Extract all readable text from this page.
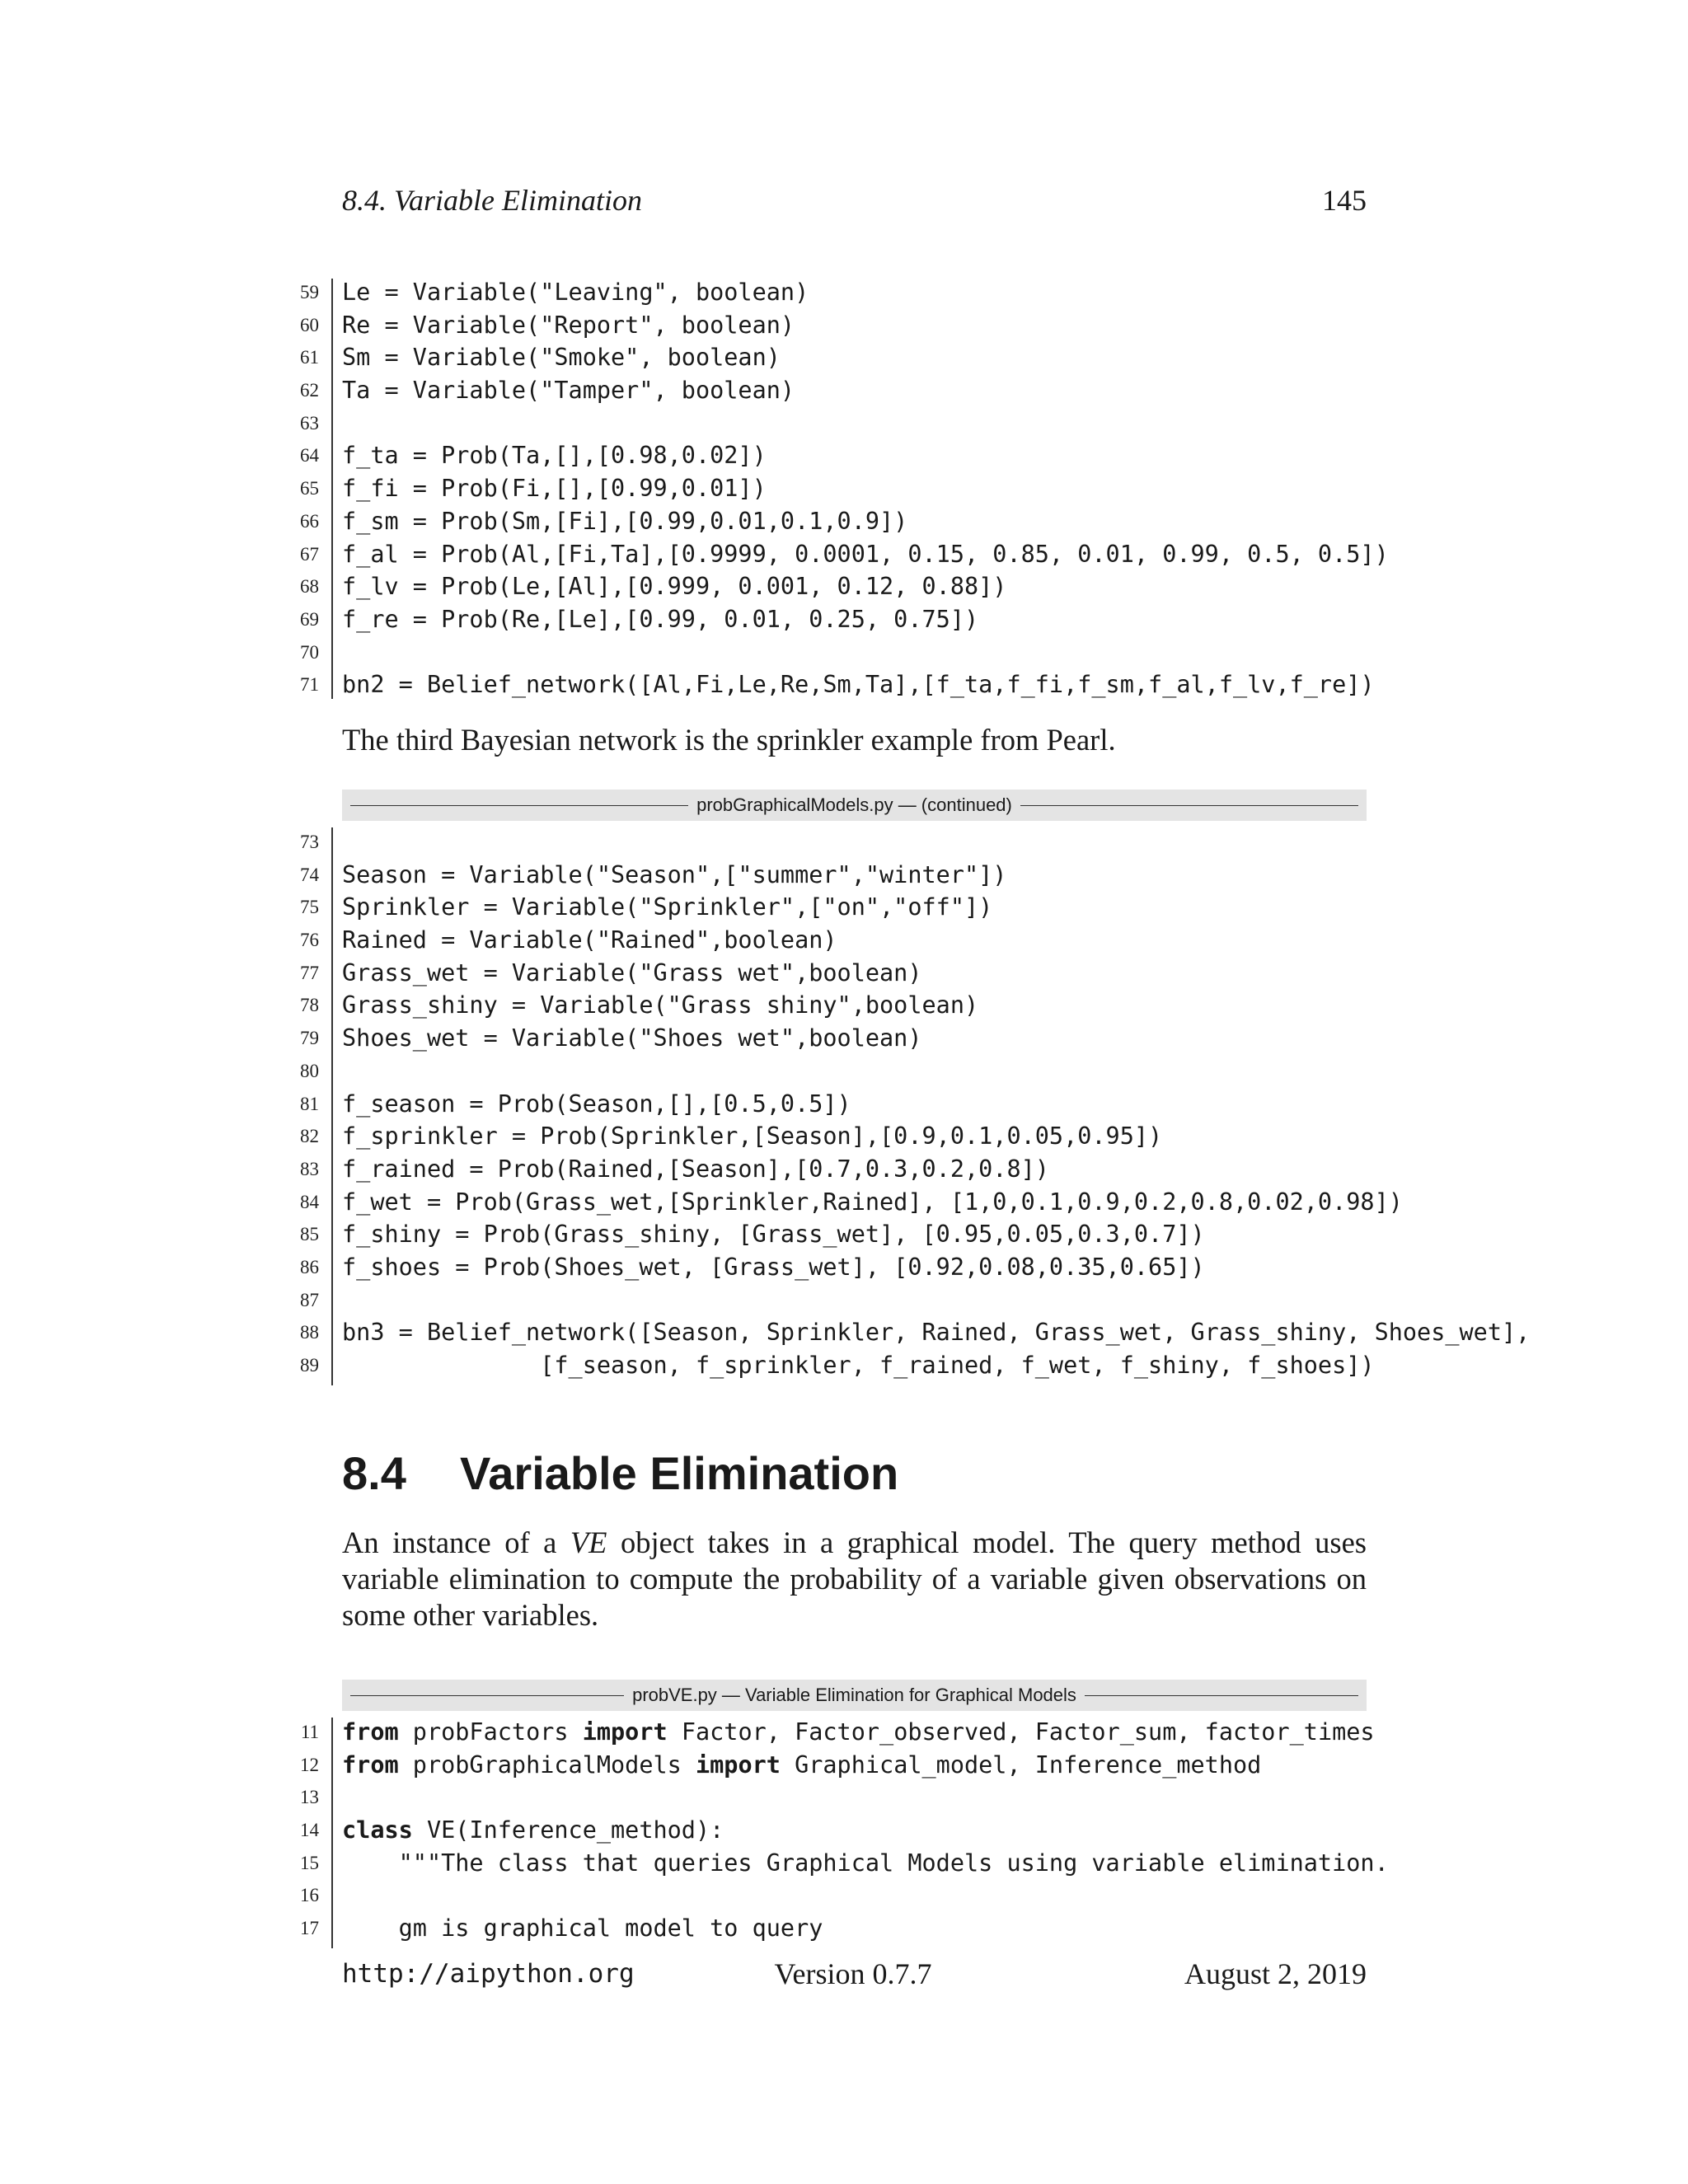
8.4. Variable Elimination	145
59 Le = Variable("Leaving", boolean)
60 Re = Variable("Report", boolean)
61 Sm = Variable("Smoke", boolean)
62 Ta = Variable("Tamper", boolean)
63
64 f_ta = Prob(Ta,[],[0.98,0.02])
65 f_fi = Prob(Fi,[],[0.99,0.01])
66 f_sm = Prob(Sm,[Fi],[0.99,0.01,0.1,0.9])
67 f_al = Prob(Al,[Fi,Ta],[0.9999, 0.0001, 0.15, 0.85, 0.01, 0.99, 0.5, 0.5])
68 f_lv = Prob(Le,[Al],[0.999, 0.001, 0.12, 0.88])
69 f_re = Prob(Re,[Le],[0.99, 0.01, 0.25, 0.75])
70
71 bn2 = Belief_network([Al,Fi,Le,Re,Sm,Ta],[f_ta,f_fi,f_sm,f_al,f_lv,f_re])
The third Bayesian network is the sprinkler example from Pearl.
probGraphicalModels.py — (continued)
73
74 Season = Variable("Season",["summer","winter"])
75 Sprinkler = Variable("Sprinkler",["on","off"])
76 Rained = Variable("Rained",boolean)
77 Grass_wet = Variable("Grass wet",boolean)
78 Grass_shiny = Variable("Grass shiny",boolean)
79 Shoes_wet = Variable("Shoes wet",boolean)
80
81 f_season = Prob(Season,[],[0.5,0.5])
82 f_sprinkler = Prob(Sprinkler,[Season],[0.9,0.1,0.05,0.95])
83 f_rained = Prob(Rained,[Season],[0.7,0.3,0.2,0.8])
84 f_wet = Prob(Grass_wet,[Sprinkler,Rained], [1,0,0.1,0.9,0.2,0.8,0.02,0.98])
85 f_shiny = Prob(Grass_shiny, [Grass_wet], [0.95,0.05,0.3,0.7])
86 f_shoes = Prob(Shoes_wet, [Grass_wet], [0.92,0.08,0.35,0.65])
87
88 bn3 = Belief_network([Season, Sprinkler, Rained, Grass_wet, Grass_shiny, Shoes_wet],
89 [f_season, f_sprinkler, f_rained, f_wet, f_shiny, f_shoes])
8.4 Variable Elimination
An instance of a VE object takes in a graphical model. The query method uses variable elimination to compute the probability of a variable given observations on some other variables.
probVE.py — Variable Elimination for Graphical Models
11 from probFactors import Factor, Factor_observed, Factor_sum, factor_times
12 from probGraphicalModels import Graphical_model, Inference_method
13
14 class VE(Inference_method):
15 """The class that queries Graphical Models using variable elimination.
16
17 gm is graphical model to query
http://aipython.org	Version 0.7.7	August 2, 2019
